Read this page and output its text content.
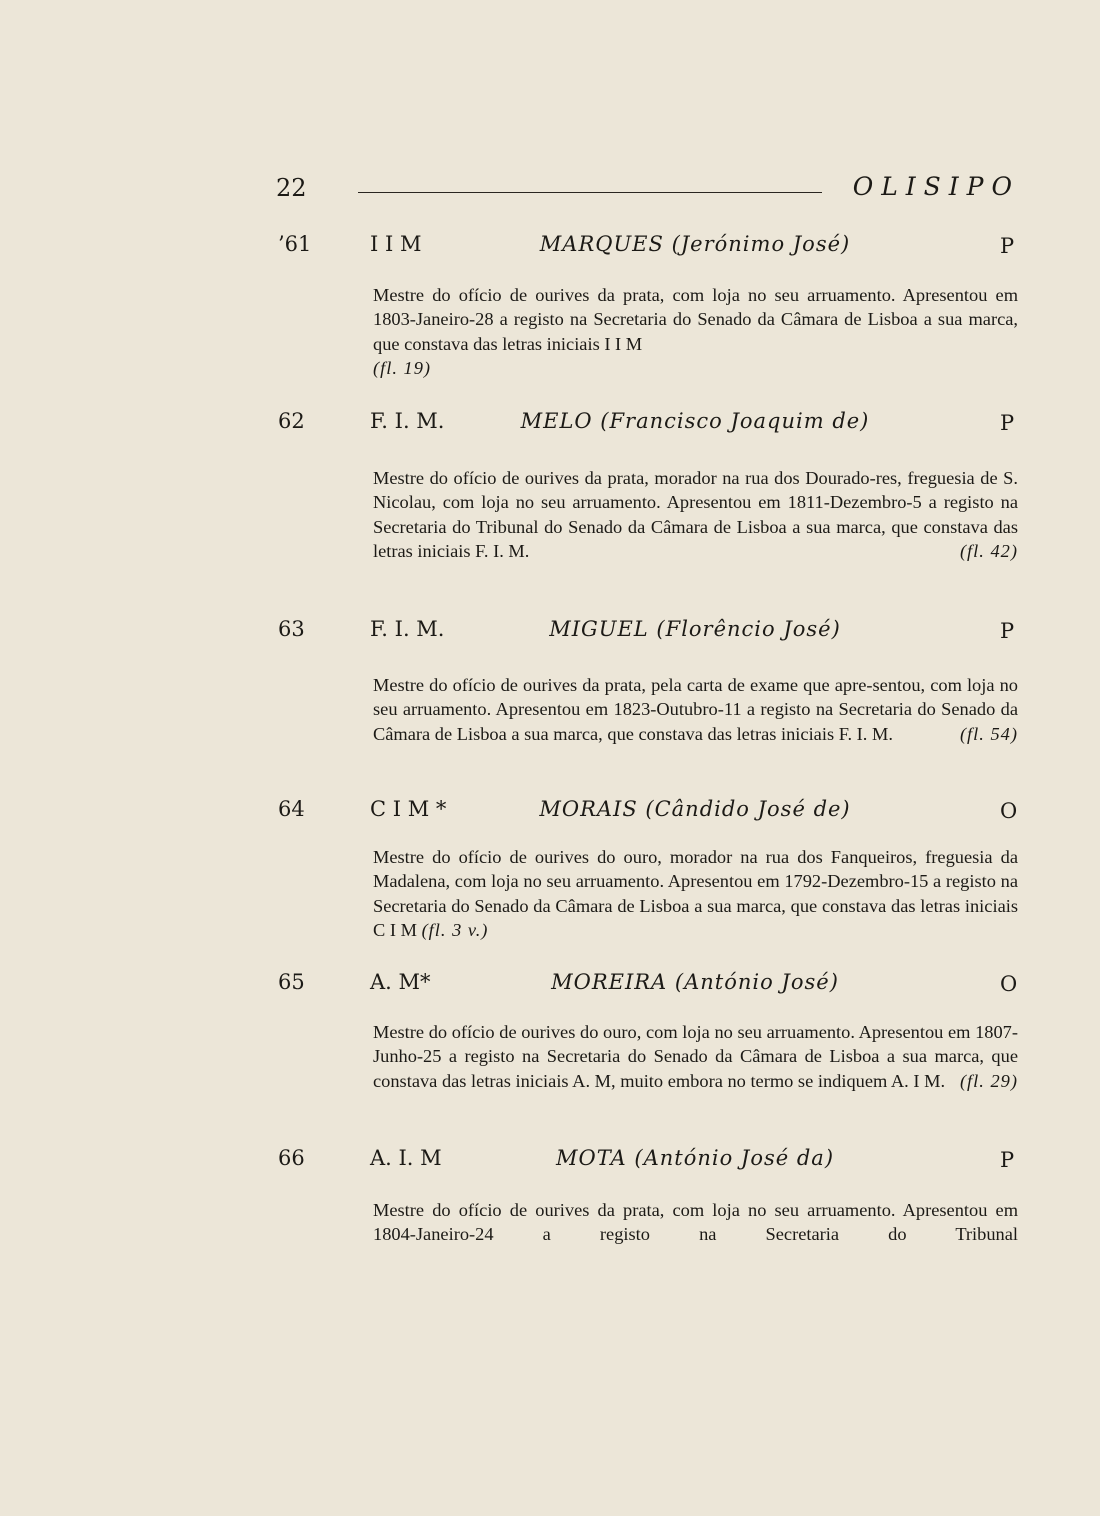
22	OLISIPO
’61	I I M	MARQUES (Jerónimo José)	P
Mestre do ofício de ourives da prata, com loja no seu arruamento. Apresentou em 1803-Janeiro-28 a registo na Secretaria do Senado da Câmara de Lisboa a sua marca, que constava das letras iniciais I I M
(fl. 19)
62	F. I. M.	MELO (Francisco Joaquim de)	P
Mestre do ofício de ourives da prata, morador na rua dos Dourado-res, freguesia de S. Nicolau, com loja no seu arruamento. Apresentou em 1811-Dezembro-5 a registo na Secretaria do Tribunal do Senado da Câmara de Lisboa a sua marca, que constava das letras iniciais F. I. M.	(fl. 42)
63	F. I. M.	MIGUEL (Florêncio José)	P
Mestre do ofício de ourives da prata, pela carta de exame que apre-sentou, com loja no seu arruamento. Apresentou em 1823-Outubro-11 a registo na Secretaria do Senado da Câmara de Lisboa a sua marca, que constava das letras iniciais F. I. M.	(fl. 54)
64	C I M *	MORAIS (Cândido José de)	O
Mestre do ofício de ourives do ouro, morador na rua dos Fanqueiros, freguesia da Madalena, com loja no seu arruamento. Apresentou em 1792-Dezembro-15 a registo na Secretaria do Senado da Câmara de Lisboa a sua marca, que constava das letras iniciais C I M (fl. 3 v.)
65	A. M*	MOREIRA (António José)	O
Mestre do ofício de ourives do ouro, com loja no seu arruamento. Apresentou em 1807-Junho-25 a registo na Secretaria do Senado da Câmara de Lisboa a sua marca, que constava das letras iniciais A. M, muito embora no termo se indiquem A. I M. (fl. 29)
66	A. I. M	MOTA (António José da)	P
Mestre do ofício de ourives da prata, com loja no seu arruamento. Apresentou em 1804-Janeiro-24 a registo na Secretaria do Tribunal
